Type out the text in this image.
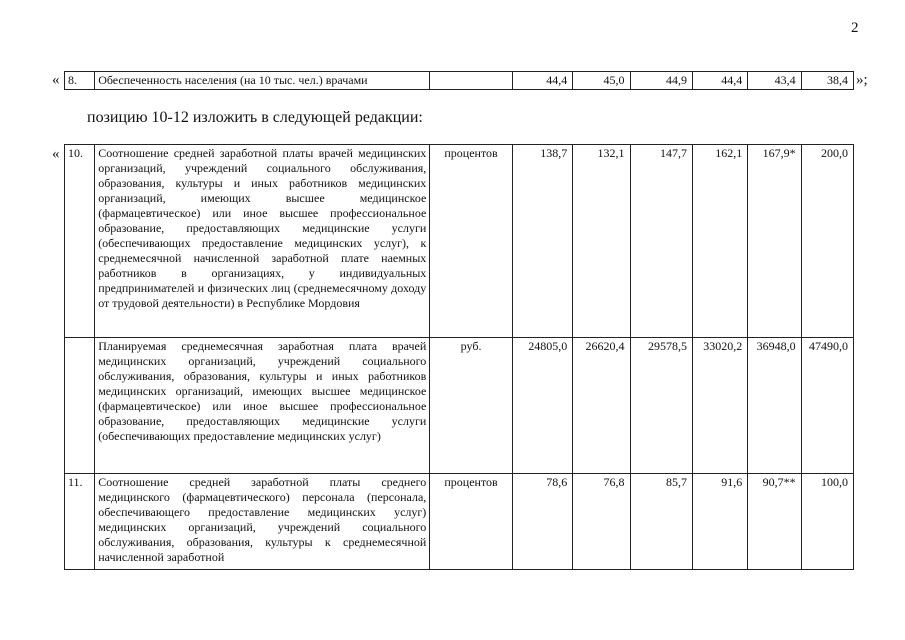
2
« 8.	Обеспеченность населения (на 10 тыс. чел.) врачами		44,4	45,0	44,9	44,4	43,4	38,4 »;
позицию 10-12 изложить в следующей редакции:
« 10.	Соотношение средней заработной платы врачей медицинских организаций, учреждений социального обслуживания, образования, культуры и иных работников медицинских организаций, имеющих высшее медицинское (фармацевтическое) или иное высшее профессиональное образование, предоставляющих медицинские услуги (обеспечивающих предоставление медицинских услуг), к среднемесячной начисленной заработной плате наемных работников в организациях, у индивидуальных предпринимателей и физических лиц (среднемесячному доходу от трудовой деятельности) в Республике Мордовия	процентов	138,7	132,1	147,7	162,1	167,9*	200,0
	Планируемая среднемесячная заработная плата врачей медицинских организаций, учреждений социального обслуживания, образования, культуры и иных работников медицинских организаций, имеющих высшее медицинское (фармацевтическое) или иное высшее профессиональное образование, предоставляющих медицинские услуги (обеспечивающих предоставление медицинских услуг)	руб.	24805,0	26620,4	29578,5	33020,2	36948,0	47490,0
11.	Соотношение средней заработной платы среднего медицинского (фармацевтического) персонала (персонала, обеспечивающего предоставление медицинских услуг) медицинских организаций, учреждений социального обслуживания, образования, культуры к среднемесячной начисленной заработной	процентов	78,6	76,8	85,7	91,6	90,7**	100,0
